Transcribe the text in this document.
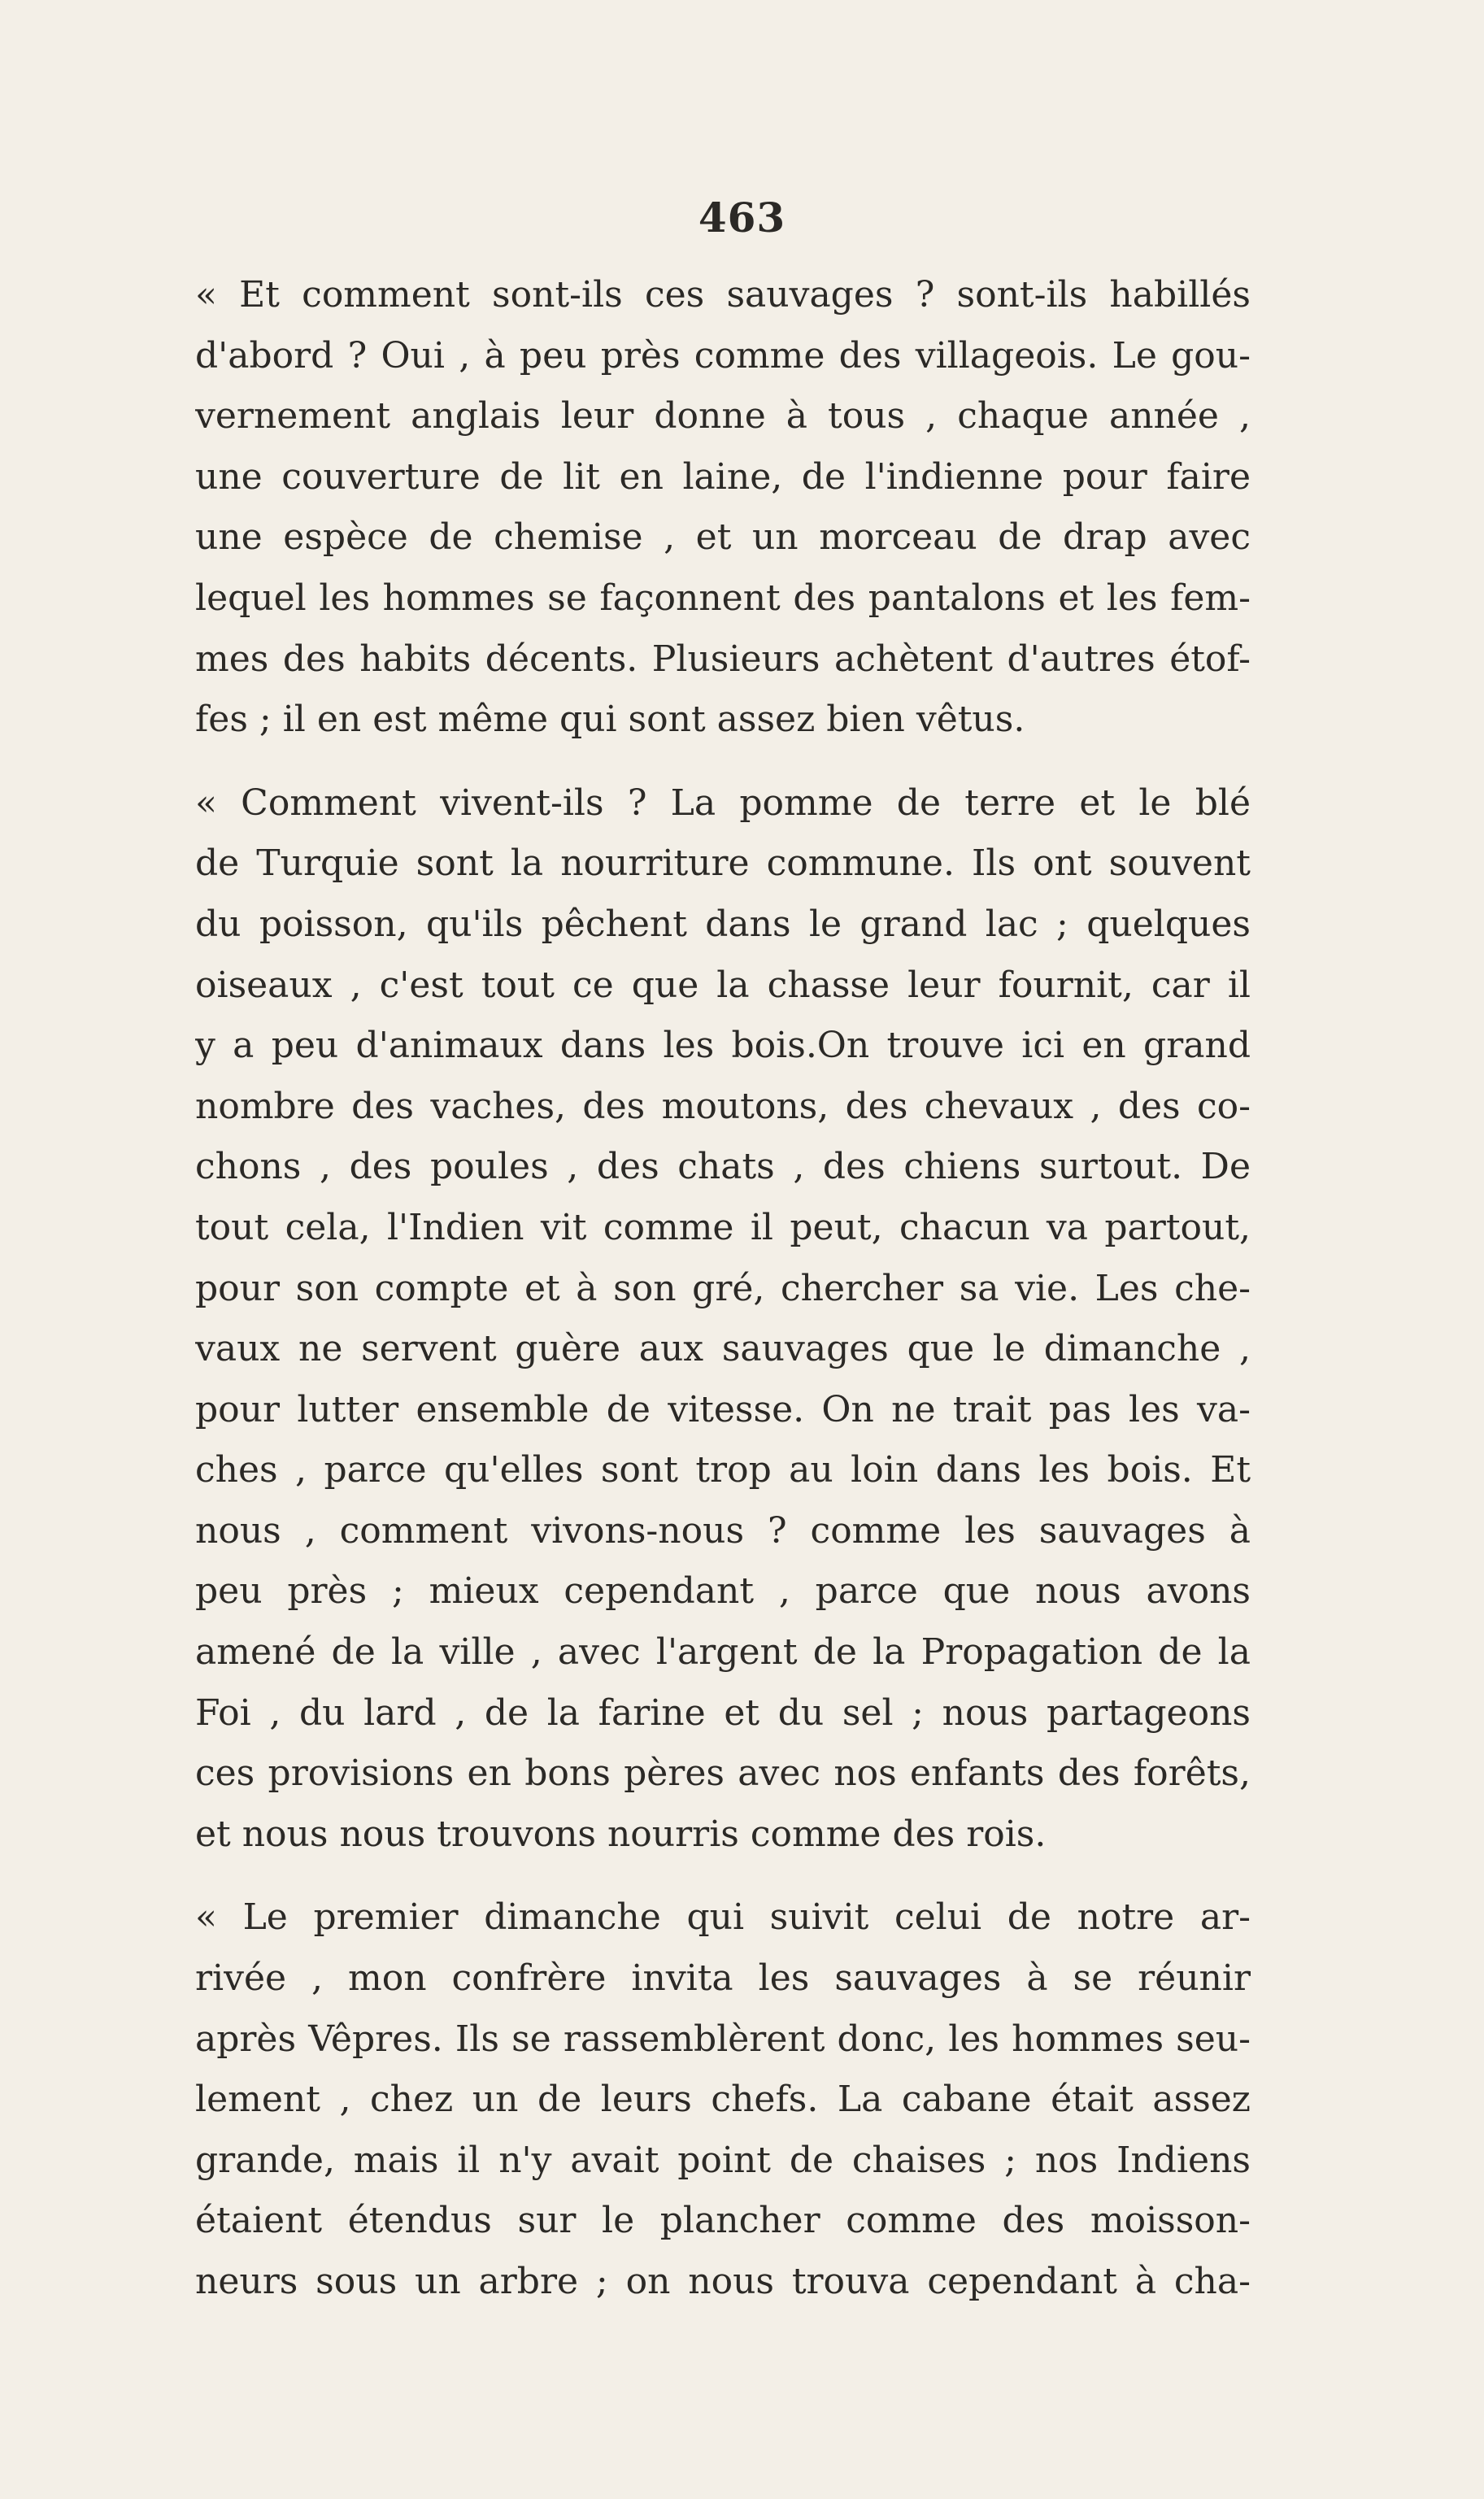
463
« Et comment sont-ils ces sauvages ? sont-ils habillés
d'abord ? Oui , à peu près comme des villageois. Le gou-
vernement anglais leur donne à tous , chaque année ,
une couverture de lit en laine, de l'indienne pour faire
une espèce de chemise , et un morceau de drap avec
lequel les hommes se façonnent des pantalons et les fem-
mes des habits décents. Plusieurs achètent d'autres étof-
fes ; il en est même qui sont assez bien vêtus.
« Comment vivent-ils ? La pomme de terre et le blé
de Turquie sont la nourriture commune. Ils ont souvent
du poisson, qu'ils pêchent dans le grand lac ; quelques
oiseaux , c'est tout ce que la chasse leur fournit, car il
y a peu d'animaux dans les bois.On trouve ici en grand
nombre des vaches, des moutons, des chevaux , des co-
chons , des poules , des chats , des chiens surtout. De
tout cela, l'Indien vit comme il peut, chacun va partout,
pour son compte et à son gré, chercher sa vie. Les che-
vaux ne servent guère aux sauvages que le dimanche ,
pour lutter ensemble de vitesse. On ne trait pas les va-
ches , parce qu'elles sont trop au loin dans les bois. Et
nous , comment vivons-nous ? comme les sauvages à
peu près ; mieux cependant , parce que nous avons
amené de la ville , avec l'argent de la Propagation de la
Foi , du lard , de la farine et du sel ; nous partageons
ces provisions en bons pères avec nos enfants des forêts,
et nous nous trouvons nourris comme des rois.
« Le premier dimanche qui suivit celui de notre ar-
rivée , mon confrère invita les sauvages à se réunir
après Vêpres. Ils se rassemblèrent donc, les hommes seu-
lement , chez un de leurs chefs. La cabane était assez
grande, mais il n'y avait point de chaises ; nos Indiens
étaient étendus sur le plancher comme des moisson-
neurs sous un arbre ; on nous trouva cependant à cha-
